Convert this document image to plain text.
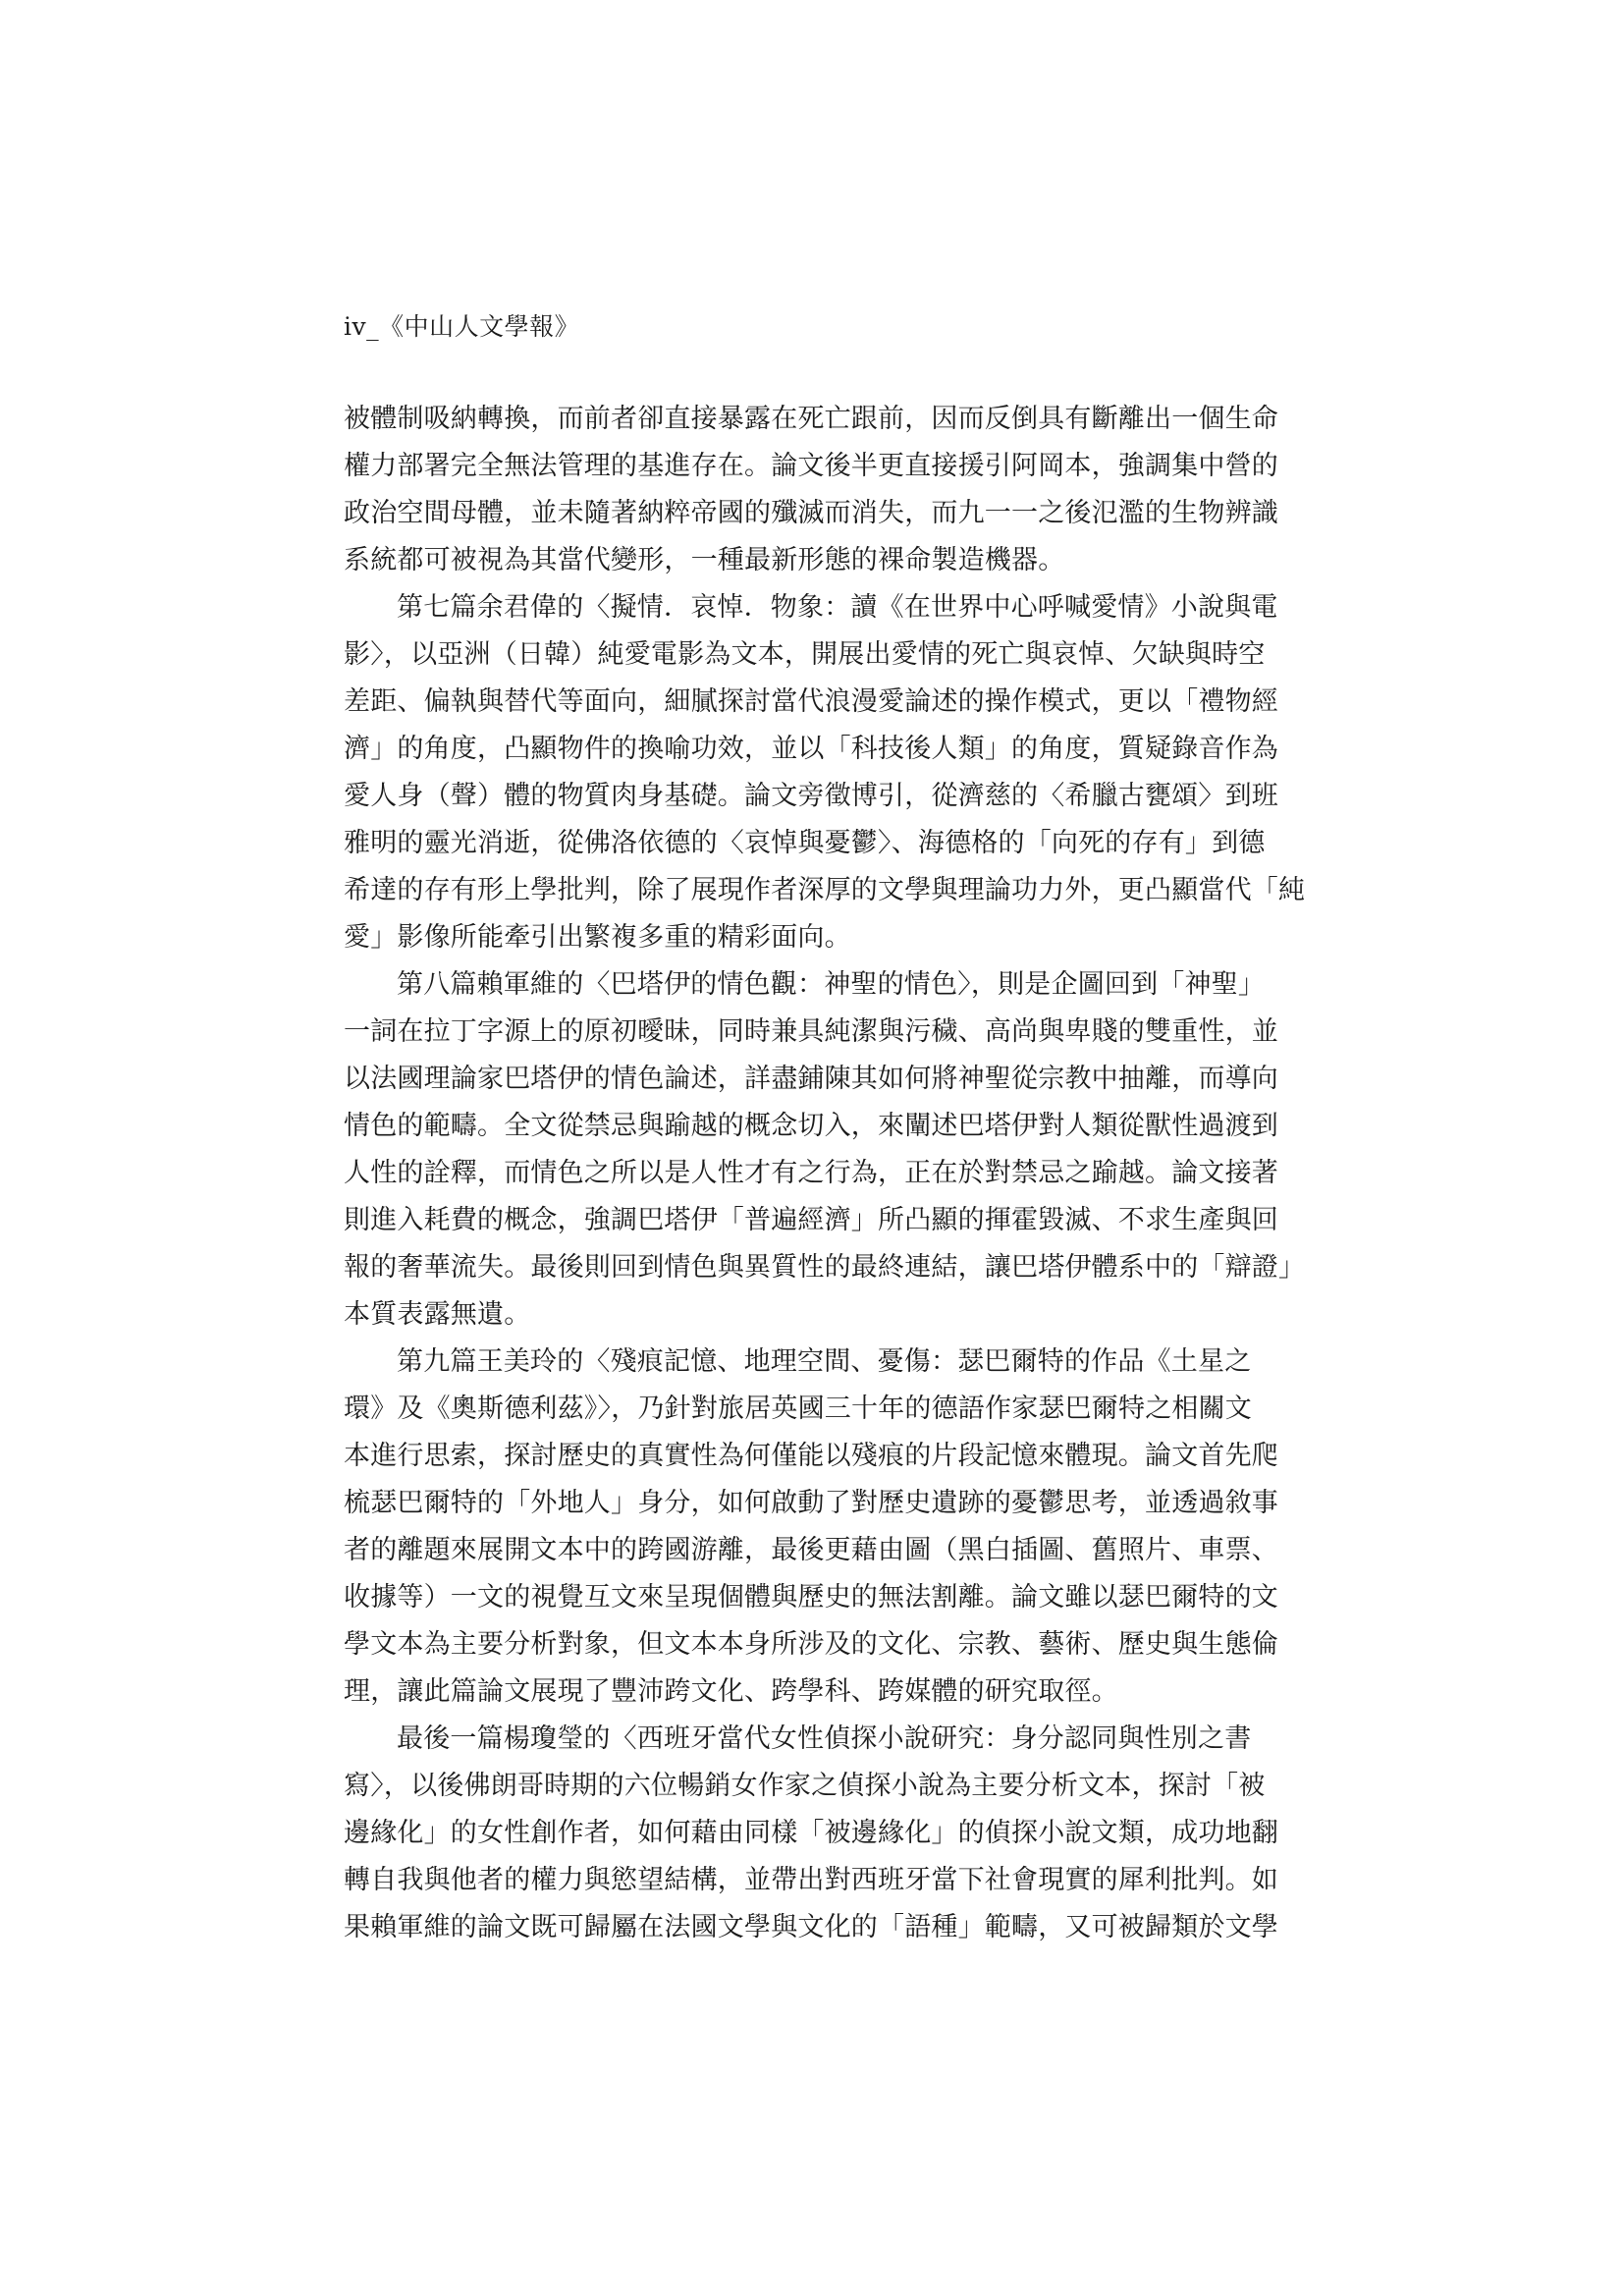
iv_《中山人文學報》
被體制吸納轉換，而前者卻直接暴露在死亡跟前，因而反倒具有斷離出一個生命
權力部署完全無法管理的基進存在。論文後半更直接援引阿岡本，強調集中營的
政治空間母體，並未隨著納粹帝國的殲滅而消失，而九一一之後氾濫的生物辨識
系統都可被視為其當代變形，一種最新形態的裸命製造機器。
第七篇余君偉的〈擬情．哀悼．物象：讀《在世界中心呼喊愛情》小說與電
影〉，以亞洲（日韓）純愛電影為文本，開展出愛情的死亡與哀悼、欠缺與時空
差距、偏執與替代等面向，細膩探討當代浪漫愛論述的操作模式，更以「禮物經
濟」的角度，凸顯物件的換喻功效，並以「科技後人類」的角度，質疑錄音作為
愛人身（聲）體的物質肉身基礎。論文旁徵博引，從濟慈的〈希臘古甕頌〉到班
雅明的靈光消逝，從佛洛依德的〈哀悼與憂鬱〉、海德格的「向死的存有」到德
希達的存有形上學批判，除了展現作者深厚的文學與理論功力外，更凸顯當代「純
愛」影像所能牽引出繁複多重的精彩面向。
第八篇賴軍維的〈巴塔伊的情色觀：神聖的情色〉，則是企圖回到「神聖」
一詞在拉丁字源上的原初曖昧，同時兼具純潔與污穢、高尚與卑賤的雙重性，並
以法國理論家巴塔伊的情色論述，詳盡鋪陳其如何將神聖從宗教中抽離，而導向
情色的範疇。全文從禁忌與踰越的概念切入，來闡述巴塔伊對人類從獸性過渡到
人性的詮釋，而情色之所以是人性才有之行為，正在於對禁忌之踰越。論文接著
則進入耗費的概念，強調巴塔伊「普遍經濟」所凸顯的揮霍毀滅、不求生產與回
報的奢華流失。最後則回到情色與異質性的最終連結，讓巴塔伊體系中的「辯證」
本質表露無遺。
第九篇王美玲的〈殘痕記憶、地理空間、憂傷：瑟巴爾特的作品《土星之
環》及《奧斯德利茲》〉，乃針對旅居英國三十年的德語作家瑟巴爾特之相關文
本進行思索，探討歷史的真實性為何僅能以殘痕的片段記憶來體現。論文首先爬
梳瑟巴爾特的「外地人」身分，如何啟動了對歷史遺跡的憂鬱思考，並透過敘事
者的離題來展開文本中的跨國游離，最後更藉由圖（黑白插圖、舊照片、車票、
收據等）一文的視覺互文來呈現個體與歷史的無法割離。論文雖以瑟巴爾特的文
學文本為主要分析對象，但文本本身所涉及的文化、宗教、藝術、歷史與生態倫
理，讓此篇論文展現了豐沛跨文化、跨學科、跨媒體的研究取徑。
最後一篇楊瓊瑩的〈西班牙當代女性偵探小說研究：身分認同與性別之書
寫〉，以後佛朗哥時期的六位暢銷女作家之偵探小說為主要分析文本，探討「被
邊緣化」的女性創作者，如何藉由同樣「被邊緣化」的偵探小說文類，成功地翻
轉自我與他者的權力與慾望結構，並帶出對西班牙當下社會現實的犀利批判。如
果賴軍維的論文既可歸屬在法國文學與文化的「語種」範疇，又可被歸類於文學
